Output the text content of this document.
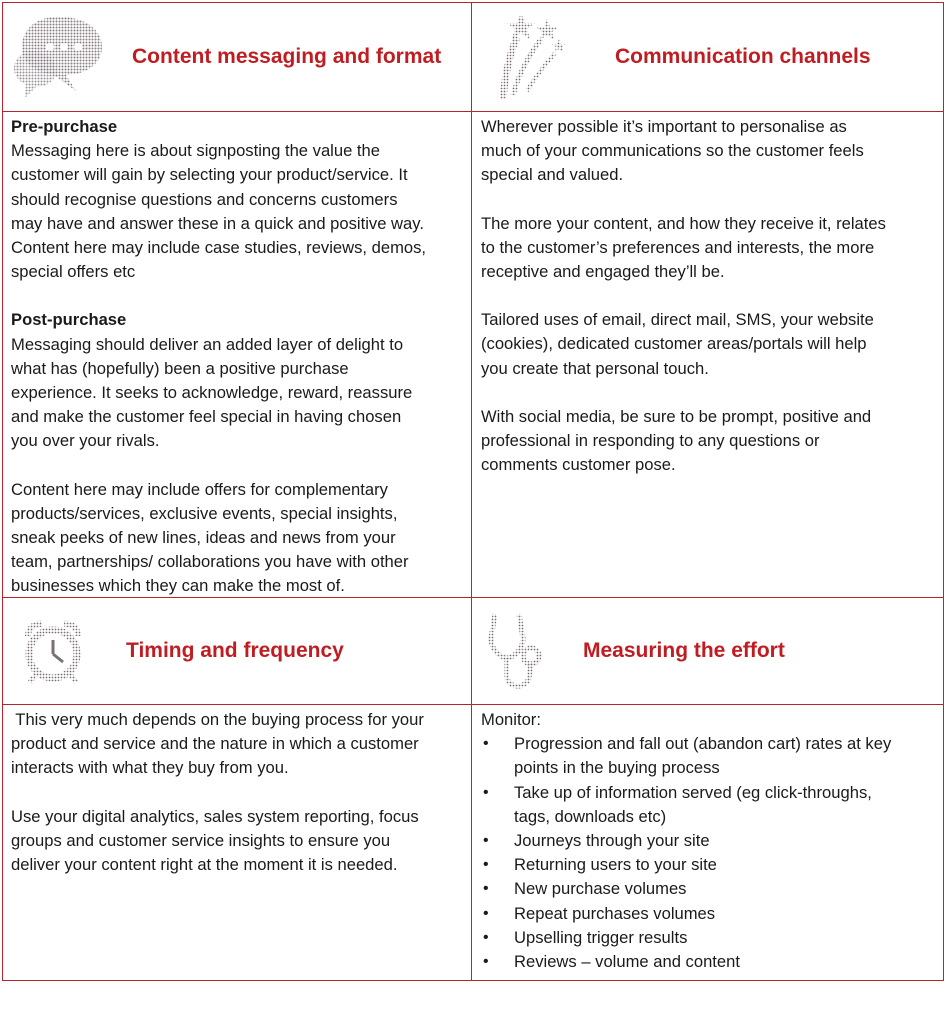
Content messaging and format	Communication channels

Pre-purchase

Messaging here is about signposting the value the

customer will gain by selecting your product/service. It

should recognise questions and concerns customers

may have and answer these in a quick and positive way.

Content here may include case studies, reviews, demos,

special offers etc

Post-purchase

Messaging should deliver an added layer of delight to

what has (hopefully) been a positive purchase

experience. It seeks to acknowledge, reward, reassure

and make the customer feel special in having chosen

you over your rivals.

Content here may include offers for complementary

products/services, exclusive events, special insights,

sneak peeks of new lines, ideas and news from your

team, partnerships/ collaborations you have with other

businesses which they can make the most of.

Wherever possible it’s important to personalise as

much of your communications so the customer feels

special and valued.

The more your content, and how they receive it, relates

to the customer’s preferences and interests, the more

receptive and engaged they’ll be.

Tailored uses of email, direct mail, SMS, your website

(cookies), dedicated customer areas/portals will help

you create that personal touch.

With social media, be sure to be prompt, positive and

professional in responding to any questions or

comments customer pose.

Timing and frequency	Measuring the effort

This very much depends on the buying process for your

product and service and the nature in which a customer

interacts with what they buy from you.

Use your digital analytics, sales system reporting, focus

groups and customer service insights to ensure you

deliver your content right at the moment it is needed.

Monitor:

• Progression and fall out (abandon cart) rates at key
points in the buying process
• Take up of information served (eg click-throughs,
tags, downloads etc)
• Journeys through your site
• Returning users to your site
• New purchase volumes
• Repeat purchases volumes
• Upselling trigger results
• Reviews – volume and content
